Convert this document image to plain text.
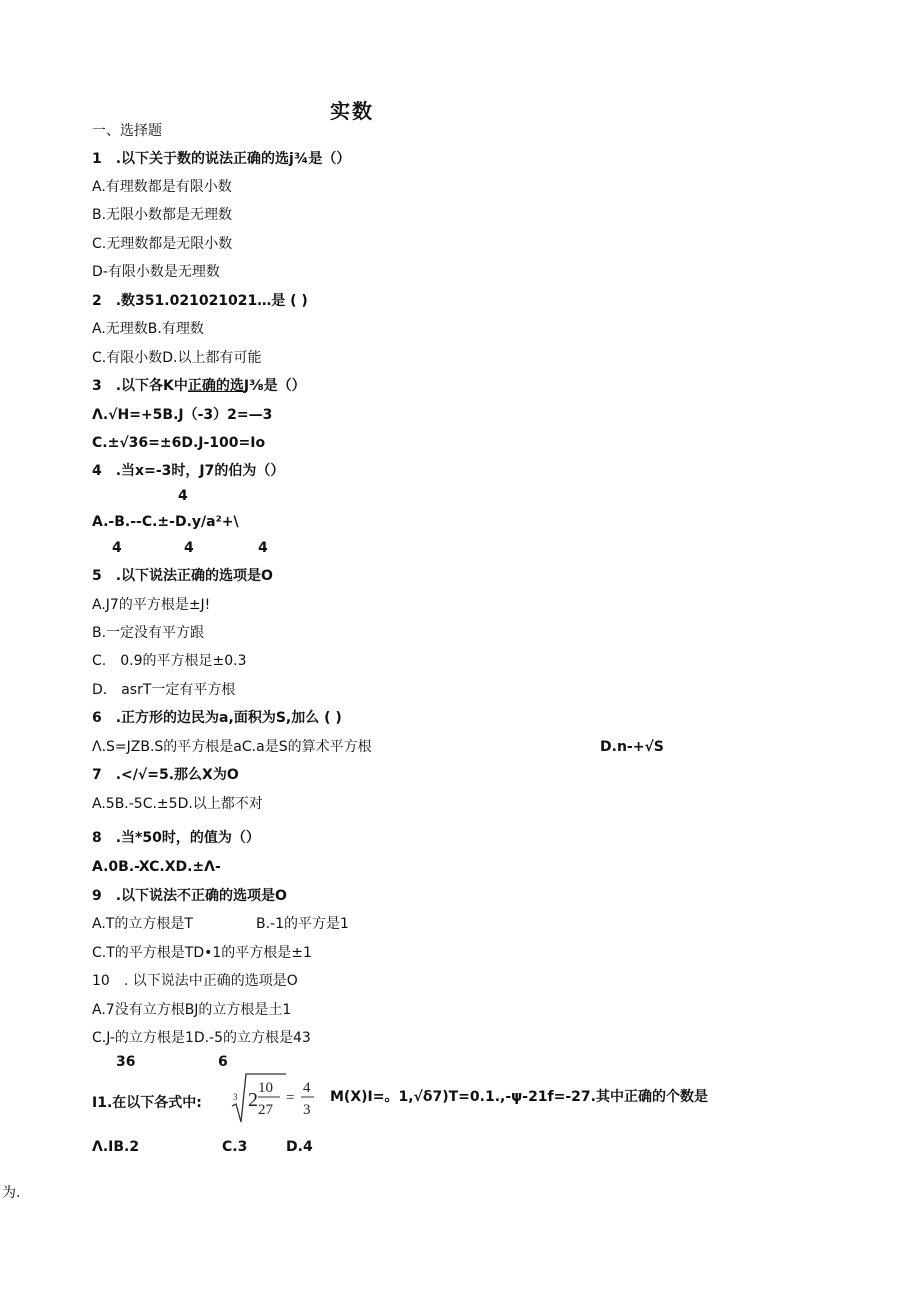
实数
一、选择题
1　.以下关于数的说法正确的选j¾是（）
A.有理数都是有限小数
B.无限小数都是无理数
C.无理数都是无限小数
D-有限小数是无理数
2　.数351.021021021…是 ( )
A.无理数B.有理数
C.有限小数D.以上都有可能
3　.以下各K中正确的选J⅜是（）
Λ.√H=+5B.J（-3）2=—3
C.±√36=±6D.J-100=Io
4　.当x=-3时，J7的伯为（）
4
A.-B.--C.±-D.y/a²+\
4	4	4
5　.以下说法正确的选项是O
A.J7的平方根是±J!
B.一定没有平方跟
C.　0.9的平方根足±0.3
D.　asrT一定有平方根
6　.正方形的边民为a,面积为S,加么 ( )
Λ.S=JZB.S的平方根是aC.a是S的算术平方根	D.n-+√S
7　.</√=5.那么X为O
A.5B.-5C.±5D.以上都不对
8　.当*50时，的值为（）
A.0B.-XC.XD.±Λ-
9　.以下说法不正确的选项是O
A.T的立方根是T	B.-1的平方是1
C.T的平方根是TD•1的平方根是±1
10　. 以下说法中正确的选项是O
A.7没有立方根BJ的立方根是土1
C.J-的立方根是1D.-5的立方根是43
36	6
I1.在以下各式中:	3 2
10
27
=
4
3
M(X)I=。1,√δ7)T=0.1.,-ψ-21f=-27.其中正确的个数是
Λ.IB.2	C.3	D.4
为.
